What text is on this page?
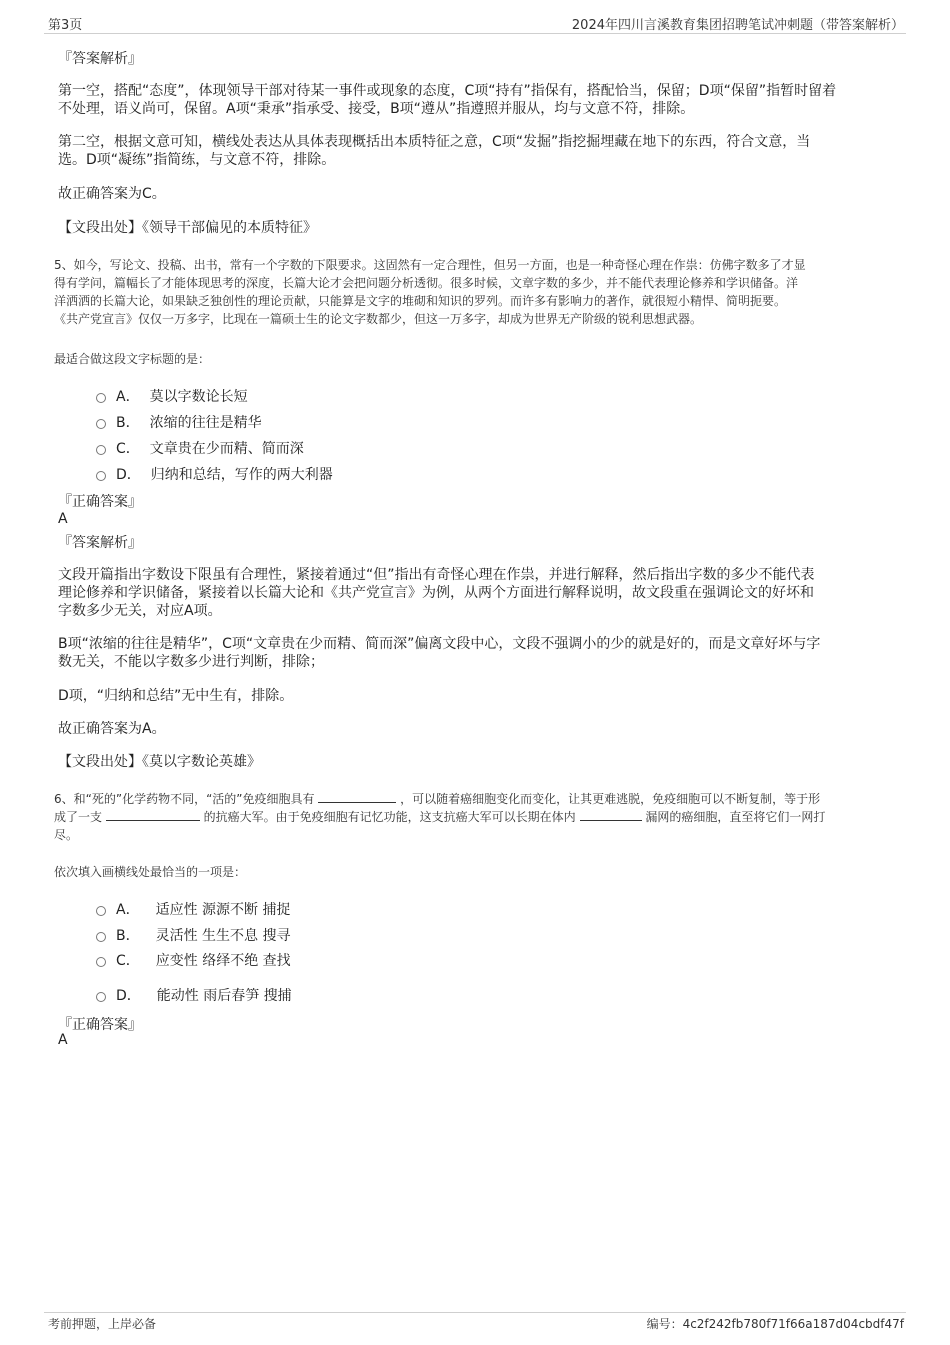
第3页	2024年四川言溪教育集团招聘笔试冲刺题（带答案解析）
『答案解析』
第一空，搭配“态度”，体现领导干部对待某一事件或现象的态度，C项“持有”指保有，搭配恰当，保留；D项“保留”指暂时留着
不处理，语义尚可，保留。A项“秉承”指承受、接受，B项“遵从”指遵照并服从，均与文意不符，排除。
第二空，根据文意可知，横线处表达从具体表现概括出本质特征之意，C项“发掘”指挖掘埋藏在地下的东西，符合文意，当
选。D项“凝练”指简练，与文意不符，排除。
故正确答案为C。
【文段出处】《领导干部偏见的本质特征》
5、如今，写论文、投稿、出书，常有一个字数的下限要求。这固然有一定合理性，但另一方面，也是一种奇怪心理在作祟：仿佛字数多了才显
得有学问，篇幅长了才能体现思考的深度，长篇大论才会把问题分析透彻。很多时候，文章字数的多少，并不能代表理论修养和学识储备。洋
洋洒洒的长篇大论，如果缺乏独创性的理论贡献，只能算是文字的堆砌和知识的罗列。而许多有影响力的著作，就很短小精悍、简明扼要。
《共产党宣言》仅仅一万多字，比现在一篇硕士生的论文字数都少，但这一万多字，却成为世界无产阶级的锐利思想武器。
最适合做这段文字标题的是：
A． 莫以字数论长短
B． 浓缩的往往是精华
C． 文章贵在少而精、简而深
D． 归纳和总结，写作的两大利器
『正确答案』
A
『答案解析』
文段开篇指出字数设下限虽有合理性，紧接着通过“但”指出有奇怪心理在作祟，并进行解释，然后指出字数的多少不能代表
理论修养和学识储备，紧接着以长篇大论和《共产党宣言》为例，从两个方面进行解释说明，故文段重在强调论文的好坏和
字数多少无关，对应A项。
B项“浓缩的往往是精华”，C项“文章贵在少而精、简而深”偏离文段中心，文段不强调小的少的就是好的，而是文章好坏与字
数无关，不能以字数多少进行判断，排除；
D项，“归纳和总结”无中生有，排除。
故正确答案为A。
【文段出处】《莫以字数论英雄》
6、和“死的”化学药物不同，“活的”免疫细胞具有	，可以随着癌细胞变化而变化，让其更难逃脱，免疫细胞可以不断复制，等于形
成了一支	的抗癌大军。由于免疫细胞有记忆功能，这支抗癌大军可以长期在体内	漏网的癌细胞，直至将它们一网打
尽。
依次填入画横线处最恰当的一项是：
A． 适应性 源源不断 捕捉
B． 灵活性 生生不息 搜寻
C． 应变性 络绎不绝 查找
D． 能动性 雨后春笋 搜捕
『正确答案』
A
考前押题，上岸必备	编号：4c2f242fb780f71f66a187d04cbdf47f
